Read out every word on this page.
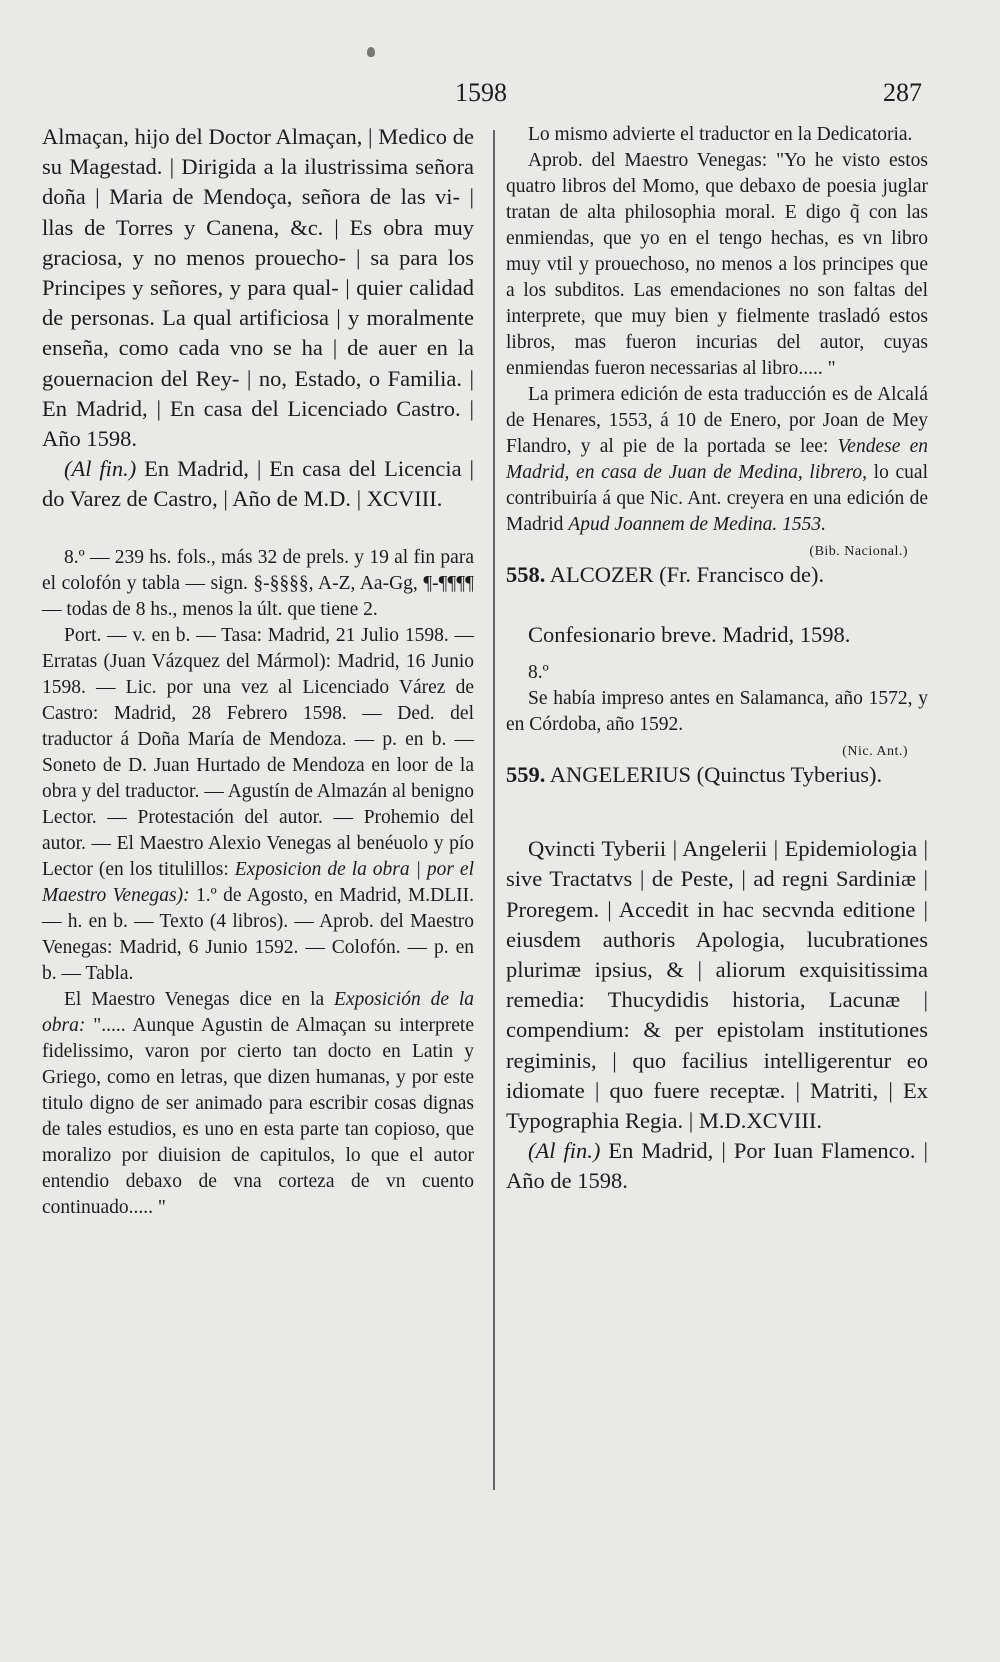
1598	287

Almaçan, hijo del Doctor Almaçan, | Medico de su Magestad. | Dirigida a la ilustrissima señora doña | Maria de Mendoça, señora de las vi- | llas de Torres y Canena, &c. | Es obra muy graciosa, y no menos prouecho- | sa para los Principes y señores, y para qual- | quier calidad de personas. La qual artificiosa | y moralmente enseña, como cada vno se ha | de auer en la gouernacion del Rey- | no, Estado, o Familia. | En Madrid, | En casa del Licenciado Castro. | Año 1598.

(Al fin.) En Madrid, | En casa del Licencia | do Varez de Castro, | Año de M.D. | XCVIII.

8.º — 239 hs. fols., más 32 de prels. y 19 al fin para el colofón y tabla — sign. §-§§§§, A-Z, Aa-Gg, ¶-¶¶¶¶ — todas de 8 hs., menos la últ. que tiene 2.

Port. — v. en b. — Tasa: Madrid, 21 Julio 1598. — Erratas (Juan Vázquez del Mármol): Madrid, 16 Junio 1598. — Lic. por una vez al Licenciado Várez de Castro: Madrid, 28 Febrero 1598. — Ded. del traductor á Doña María de Mendoza. — p. en b. — Soneto de D. Juan Hurtado de Mendoza en loor de la obra y del traductor. — Agustín de Almazán al benigno Lector. — Protestación del autor. — Prohemio del autor. — El Maestro Alexio Venegas al benéuolo y pío Lector (en los titulillos: Exposicion de la obra | por el Maestro Venegas): 1.º de Agosto, en Madrid, M.DLII. — h. en b. — Texto (4 libros). — Aprob. del Maestro Venegas: Madrid, 6 Junio 1592. — Colofón. — p. en b. — Tabla.

El Maestro Venegas dice en la Exposición de la obra: "..... Aunque Agustin de Almaçan su interprete fidelissimo, varon por cierto tan docto en Latin y Griego, como en letras, que dizen humanas, y por este titulo digno de ser animado para escribir cosas dignas de tales estudios, es uno en esta parte tan copioso, que moralizo por diuision de capitulos, lo que el autor entendio debaxo de vna corteza de vn cuento continuado..... "

Lo mismo advierte el traductor en la Dedicatoria.

Aprob. del Maestro Venegas: "Yo he visto estos quatro libros del Momo, que debaxo de poesia juglar tratan de alta philosophia moral. E digo q̃ con las enmiendas, que yo en el tengo hechas, es vn libro muy vtil y prouechoso, no menos a los principes que a los subditos. Las emendaciones no son faltas del interprete, que muy bien y fielmente trasladó estos libros, mas fueron incurias del autor, cuyas enmiendas fueron necessarias al libro..... "

La primera edición de esta traducción es de Alcalá de Henares, 1553, á 10 de Enero, por Joan de Mey Flandro, y al pie de la portada se lee: Vendese en Madrid, en casa de Juan de Medina, librero, lo cual contribuiría á que Nic. Ant. creyera en una edición de Madrid Apud Joannem de Medina. 1553.

(Bib. Nacional.)

558. ALCOZER (Fr. Francisco de).

Confesionario breve. Madrid, 1598.

8.º

Se había impreso antes en Salamanca, año 1572, y en Córdoba, año 1592.

(Nic. Ant.)

559. ANGELERIUS (Quinctus Tyberius).

Qvincti Tyberii | Angelerii | Epidemiologia | sive Tractatvs | de Peste, | ad regni Sardiniæ | Proregem. | Accedit in hac secvnda editione | eiusdem authoris Apologia, lucubrationes plurimæ ipsius, & | aliorum exquisitissima remedia: Thucydidis historia, Lacunæ | compendium: & per epistolam institutiones regiminis, | quo facilius intelligerentur eo idiomate | quo fuere receptæ. | Matriti, | Ex Typographia Regia. | M.D.XCVIII.

(Al fin.) En Madrid, | Por Iuan Flamenco. | Año de 1598.
